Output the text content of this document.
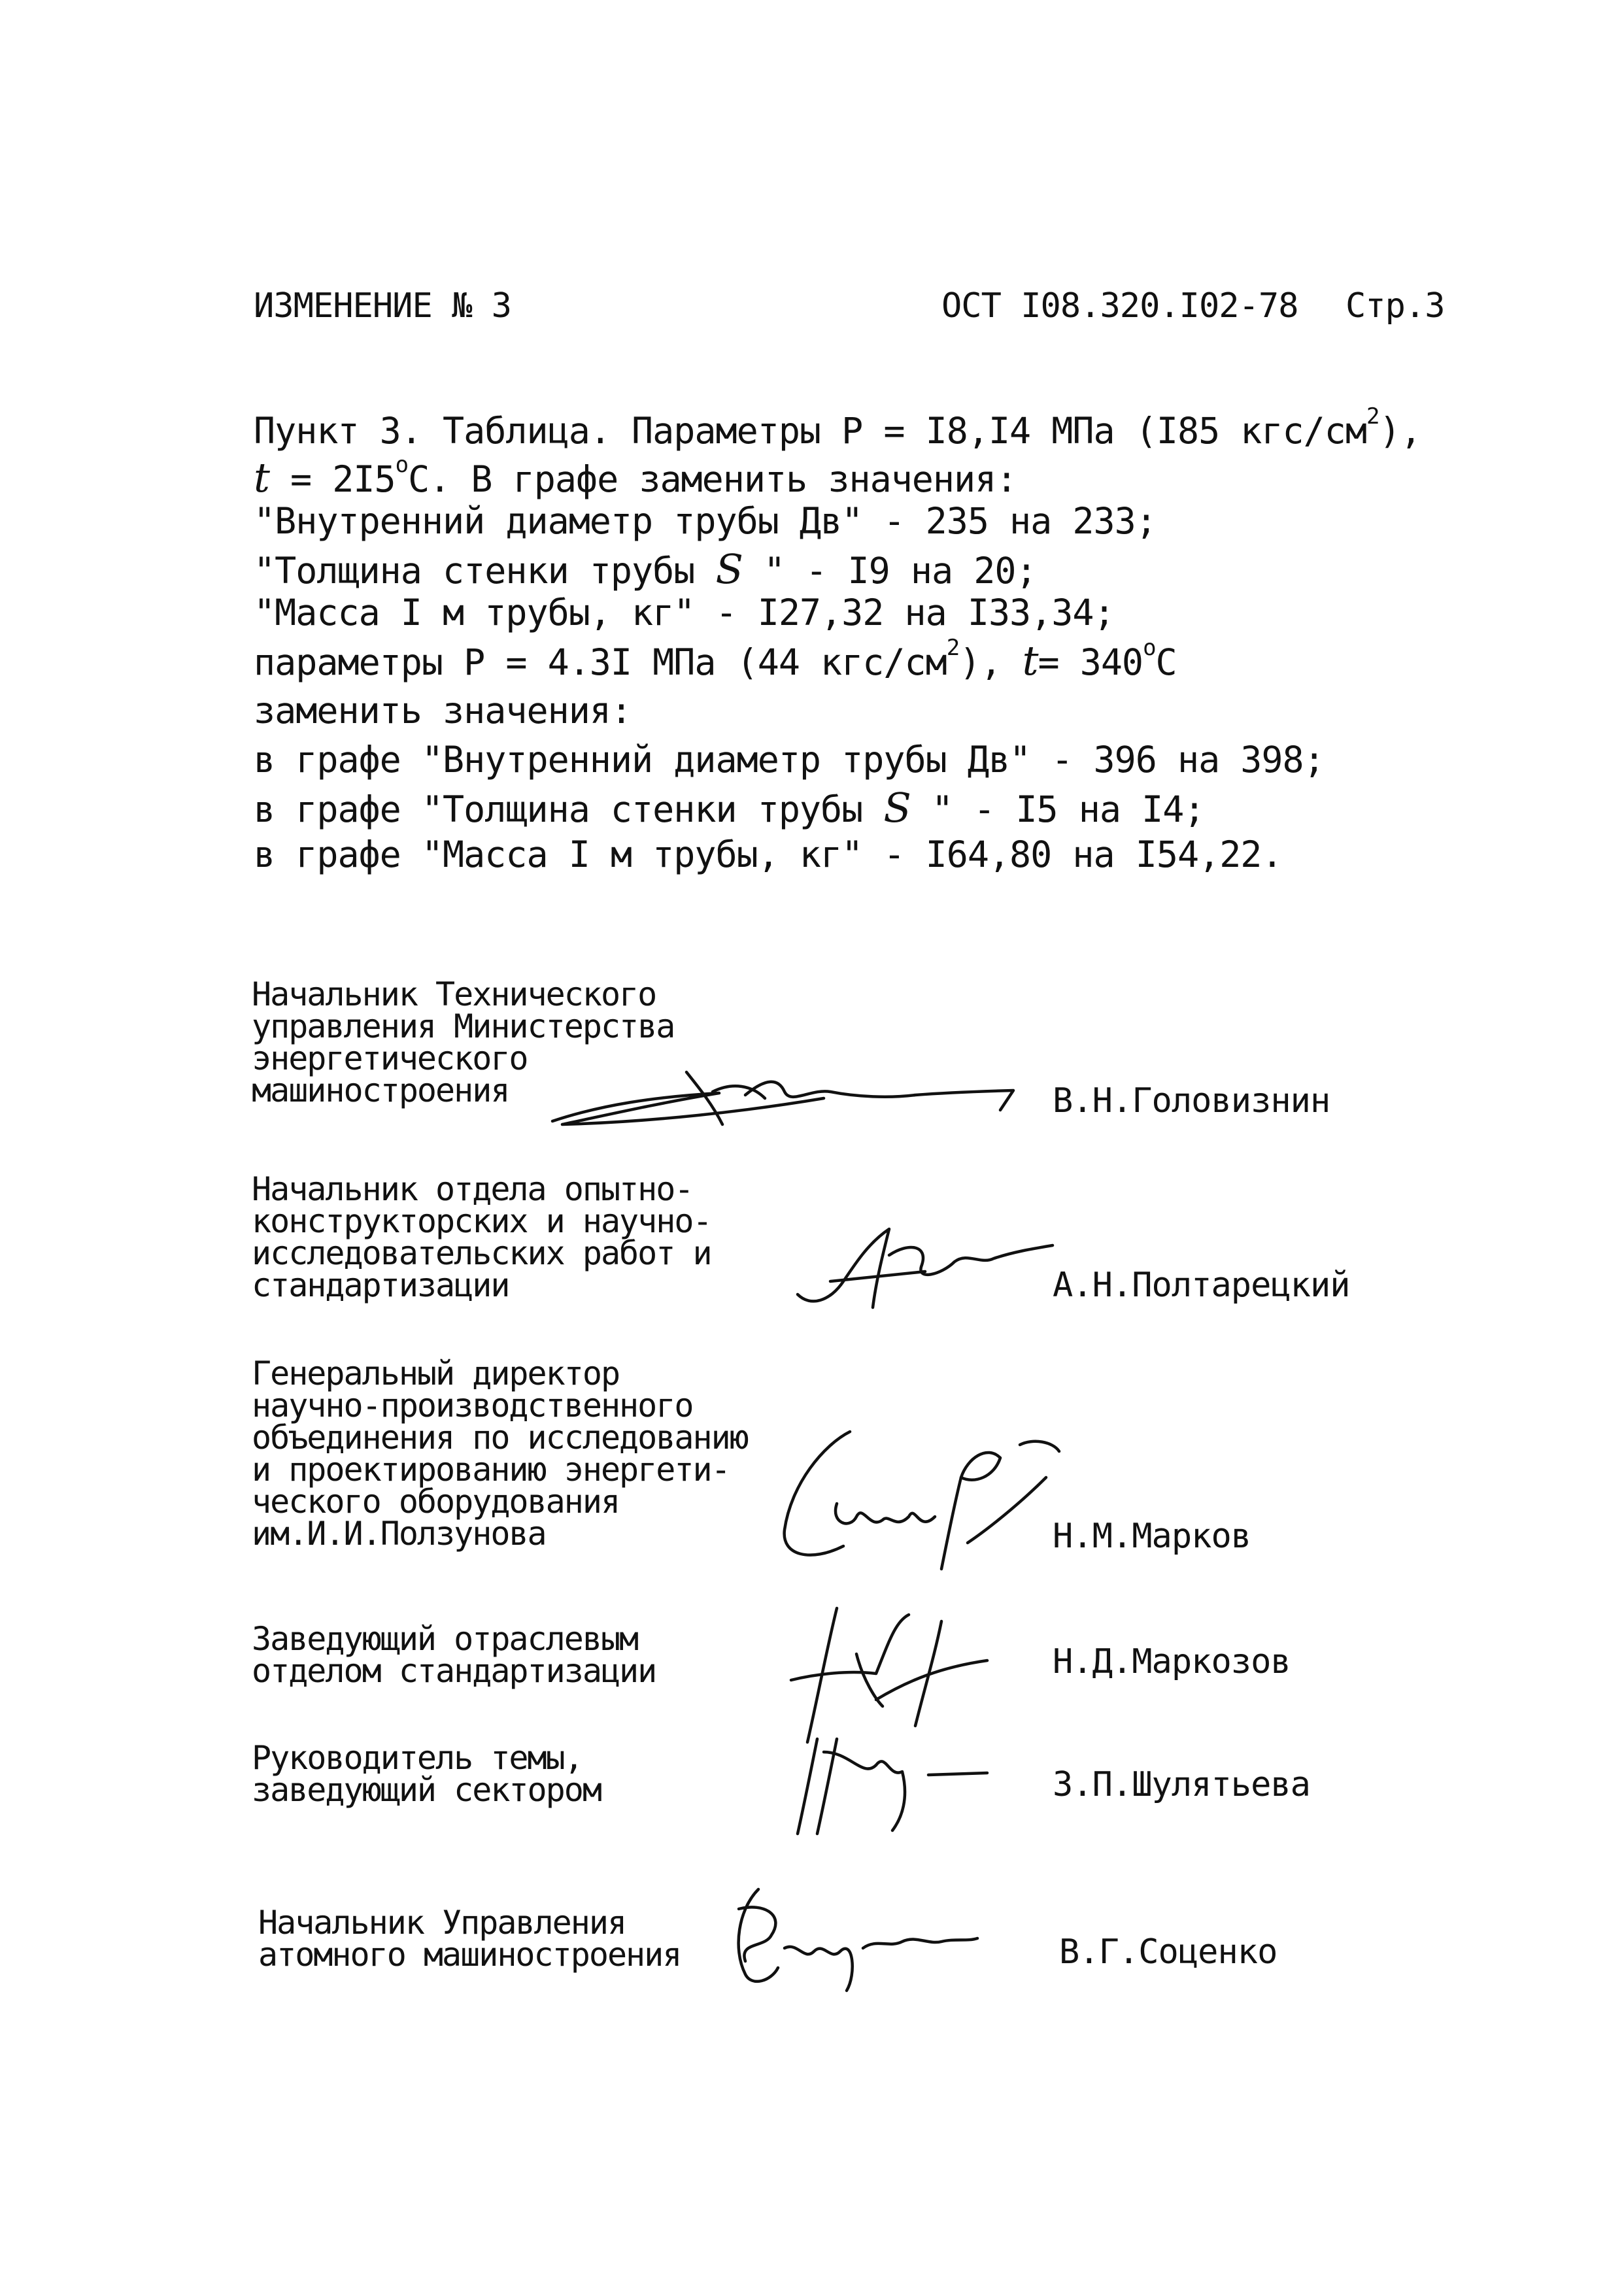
ИЗМЕНЕНИЕ № 3	ОСТ I08.320.I02-78 Стр.3
Пункт 3. Таблица. Параметры P = I8,I4 МПа (I85 кгс/$см^2$),
$t = 2I5^оС$. В графе заменить значения:
"Внутренний диаметр трубы Дв" - 235 на 233;
"Толщина стенки трубы S " - I9 на 20;
"Масса I м трубы, кг" - I27,32 на I33,34;
параметры P = 4.3I МПа (44 кгс/$см^2$), $t= 340^оС$
заменить значения:
в графе "Внутренний диаметр трубы Дв" - 396 на 398;
в графе "Толщина стенки трубы S " - I5 на I4;
в графе "Масса I м трубы, кг" - I64,80 на I54,22.
Начальник Технического
управления Министерства
энергетического
машиностроения	В.Н.Головизнин
Начальник отдела опытно-
конструкторских и научно-
исследовательских работ и
стандартизации	А.Н.Полтарецкий
Генеральный директор
научно-производственного
объединения по исследованию
и проектированию энергети-
ческого оборудования
им.И.И.Ползунова	Н.М.Марков
Заведующий отраслевым
отделом стандартизации	Н.Д.Маркозов
Руководитель темы,
заведующий сектором	З.П.Шулятьева
Начальник Управления
атомного машиностроения	В.Г.Соценко
